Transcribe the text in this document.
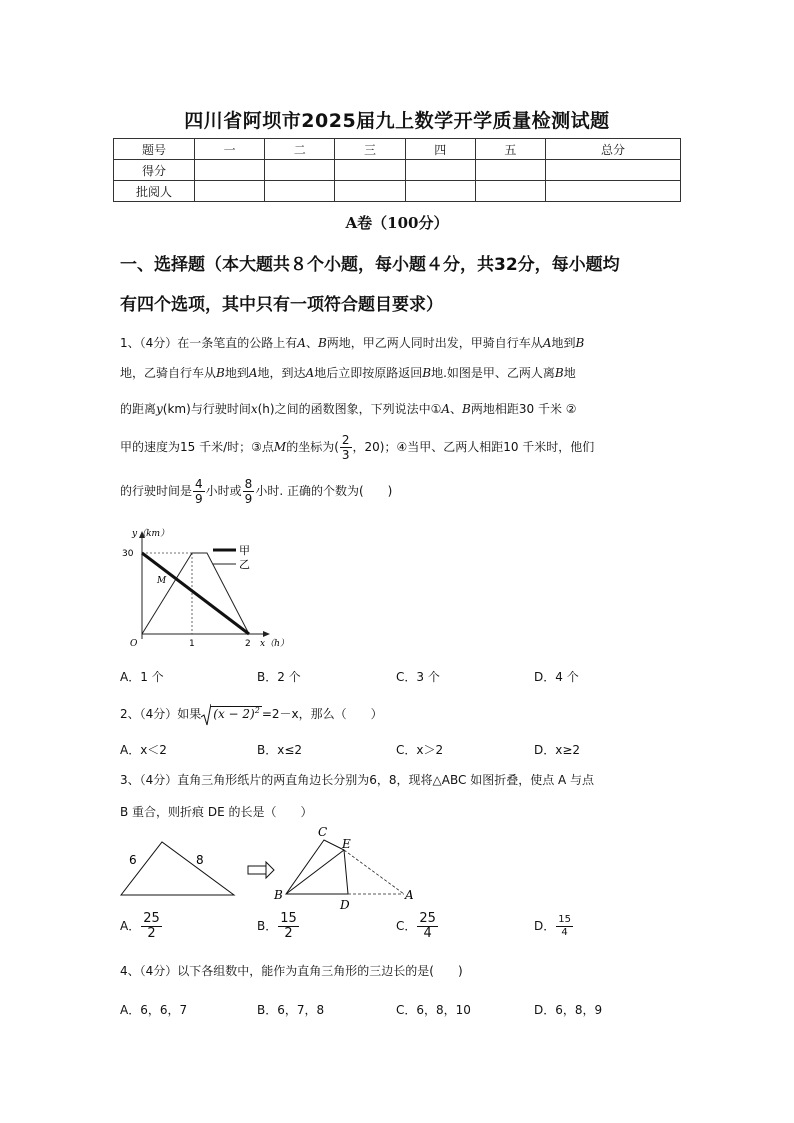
四川省阿坝市2025届九上数学开学质量检测试题
题号	一	二	三	四	五	总分
得分						
批阅人						
A卷（100分）
一、选择题（本大题共８个小题，每小题４分，共32分，每小题均
有四个选项，其中只有一项符合题目要求）
1、（4分）在一条笔直的公路上有A、B两地，甲乙两人同时出发，甲骑自行车从A地到B
地，乙骑自行车从B地到A地，到达A地后立即按原路返回B地.如图是甲、乙两人离B地
的距离y(km)与行驶时间x(h)之间的函数图象，下列说法中①A、B两地相距30 千米 ②
甲的速度为15 千米/时；③点M的坐标为( $\frac{2}{3}$ ，20)；④当甲、乙两人相距10 千米时，他们
的行驶时间是 $\frac{4}{9}$ 小时或 $\frac{8}{9}$ 小时. 正确的个数为(　　)
甲
乙
y（km）
x（h）
30
O	1	2
M
A．1 个	B．2 个	C．3 个	D．4 个
2、（4分）如果 $(x - 2)^2 =2-x$，那么（　　）
A．x＜2	B．x≤2	C．x＞2	D．x≥2
3、（4分）直角三角形纸片的两直角边长分别为6，8，现将△ABC 如图折叠，使点 A 与点
B 重合，则折痕 DE 的长是（　　）
6	8
C
E
B
D
A
A． $\frac{25}{2}$	B． $\frac{15}{2}$	C． $\frac{25}{4}$	D． $\frac{15}{4}$
4、（4分）以下各组数中，能作为直角三角形的三边长的是(　　)
A．6，6，7	B．6，7，8	C．6，8，10	D．6，8，9
